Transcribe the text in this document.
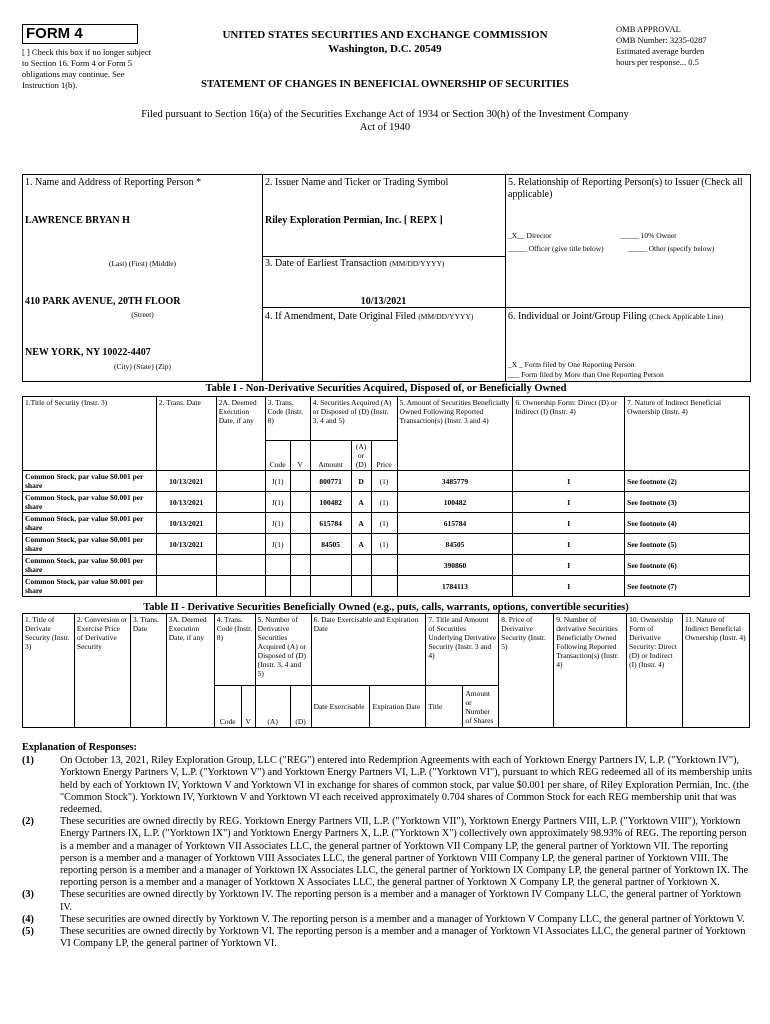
FORM 4
[ ] Check this box if no longer subject to Section 16. Form 4 or Form 5 obligations may continue. See Instruction 1(b).
UNITED STATES SECURITIES AND EXCHANGE COMMISSION
Washington, D.C. 20549
OMB APPROVAL
OMB Number: 3235-0287
Estimated average burden
hours per response... 0.5
STATEMENT OF CHANGES IN BENEFICIAL OWNERSHIP OF SECURITIES
Filed pursuant to Section 16(a) of the Securities Exchange Act of 1934 or Section 30(h) of the Investment Company Act of 1940
1. Name and Address of Reporting Person *
LAWRENCE BRYAN H
(Last) (First) (Middle)
410 PARK AVENUE, 20TH FLOOR
(Street)
NEW YORK, NY 10022-4407
(City) (State) (Zip)
2. Issuer Name and Ticker or Trading Symbol
Riley Exploration Permian, Inc. [ REPX ]
3. Date of Earliest Transaction (MM/DD/YYYY)
10/13/2021
4. If Amendment, Date Original Filed (MM/DD/YYYY)
5. Relationship of Reporting Person(s) to Issuer (Check all applicable)
_X__ Director	_____ 10% Owner
_____ Officer (give title below)	_____ Other (specify below)
6. Individual or Joint/Group Filing (Check Applicable Line)
_X _ Form filed by One Reporting Person
___ Form filed by More than One Reporting Person
Table I - Non-Derivative Securities Acquired, Disposed of, or Beneficially Owned
1.Title of Security (Instr. 3)	2. Trans. Date	2A. Deemed Execution Date, if any	3. Trans. Code (Instr. 8)		4. Securities Acquired (A) or Disposed of (D) (Instr. 3, 4 and 5)			5. Amount of Securities Beneficially Owned Following Reported Transaction(s) (Instr. 3 and 4)	6. Ownership Form: Direct (D) or Indirect (I) (Instr. 4)	7. Nature of Indirect Beneficial Ownership (Instr. 4)
			Code	V	Amount	(A) or (D)	Price			
Common Stock, par value $0.001 per share	10/13/2021		J(1)		800771	D	(1)	3485779	I	See footnote (2)
Common Stock, par value $0.001 per share	10/13/2021		J(1)		100482	A	(1)	100482	I	See footnote (3)
Common Stock, par value $0.001 per share	10/13/2021		J(1)		615784	A	(1)	615784	I	See footnote (4)
Common Stock, par value $0.001 per share	10/13/2021		J(1)		84505	A	(1)	84505	I	See footnote (5)
Common Stock, par value $0.001 per share								390860	I	See footnote (6)
Common Stock, par value $0.001 per share								1784113	I	See footnote (7)
Table II - Derivative Securities Beneficially Owned (e.g., puts, calls, warrants, options, convertible securities)
1. Title of Derivate Security (Instr. 3)	2. Conversion or Exercise Price of Derivative Security	3. Trans. Date	3A. Deemed Execution Date, if any	4. Trans. Code (Instr. 8)		5. Number of Derivative Securities Acquired (A) or Disposed of (D) (Instr. 3, 4 and 5)		6. Date Exercisable and Expiration Date		7. Title and Amount of Securities Underlying Derivative Security (Instr. 3 and 4)		8. Price of Derivative Security (Instr. 5)	9. Number of derivative Securities Beneficially Owned Following Reported Transaction(s) (Instr. 4)	10. Ownership Form of Derivative Security: Direct (D) or Indirect (I) (Instr. 4)	11. Nature of Indirect Beneficial Ownership (Instr. 4)
				Code	V	(A)	(D)	Date Exercisable	Expiration Date	Title	Amount or Number of Shares				
Explanation of Responses:
(1)	On October 13, 2021, Riley Exploration Group, LLC ("REG") entered into Redemption Agreements with each of Yorktown Energy Partners IV, L.P. ("Yorktown IV"), Yorktown Energy Partners V, L.P. ("Yorktown V") and Yorktown Energy Partners VI, L.P. ("Yorktown VI"), pursuant to which REG redeemed all of its membership units held by each of Yorktown IV, Yorktown V and Yorktown VI in exchange for shares of common stock, par value $0.001 per share, of Riley Exploration Permian, Inc. (the "Common Stock"). Yorktown IV, Yorktown V and Yorktown VI each received approximately 0.704 shares of Common Stock for each REG membership unit that was redeemed.
(2)	These securities are owned directly by REG. Yorktown Energy Partners VII, L.P. ("Yorktown VII"), Yorktown Energy Partners VIII, L.P. ("Yorktown VIII"), Yorktown Energy Partners IX, L.P. ("Yorktown IX") and Yorktown Energy Partners X, L.P. ("Yorktown X") collectively own approximately 98.93% of REG. The reporting person is a member and a manager of Yorktown VII Associates LLC, the general partner of Yorktown VII Company LP, the general partner of Yorktown VII. The reporting person is a member and a manager of Yorktown VIII Associates LLC, the general partner of Yorktown VIII Company LP, the general partner of Yorktown VIII. The reporting person is a member and a manager of Yorktown IX Associates LLC, the general partner of Yorktown IX Company LP, the general partner of Yorktown IX. The reporting person is a member and a manager of Yorktown X Associates LLC, the general partner of Yorktown X Company LP, the general partner of Yorktown X.
(3)	These securities are owned directly by Yorktown IV. The reporting person is a member and a manager of Yorktown IV Company LLC, the general partner of Yorktown IV.
(4)	These securities are owned directly by Yorktown V. The reporting person is a member and a manager of Yorktown V Company LLC, the general partner of Yorktown V.
(5)	These securities are owned directly by Yorktown VI. The reporting person is a member and a manager of Yorktown VI Associates LLC, the general partner of Yorktown VI Company LP, the general partner of Yorktown VI.
